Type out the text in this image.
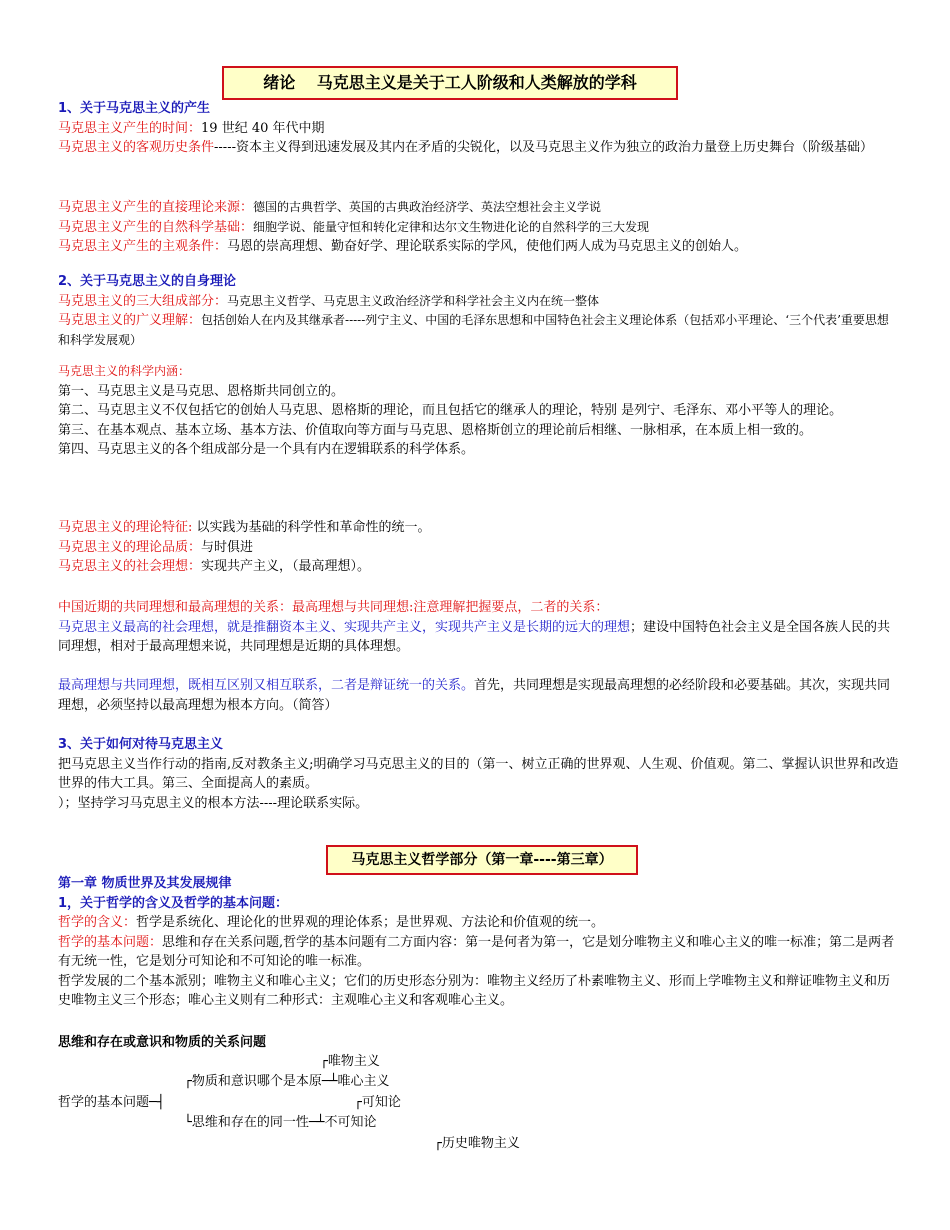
绪论　 马克思主义是关于工人阶级和人类解放的学科
1、关于马克思主义的产生
马克思主义产生的时间：19 世纪 40 年代中期
马克思主义的客观历史条件-----资本主义得到迅速发展及其内在矛盾的尖锐化，以及马克思主义作为独立的政治力量登上历史舞台（阶级基础）
马克思主义产生的直接理论来源：德国的古典哲学、英国的古典政治经济学、英法空想社会主义学说
马克思主义产生的自然科学基础：细胞学说、能量守恒和转化定律和达尔文生物进化论的自然科学的三大发现
马克思主义产生的主观条件：马恩的崇高理想、勤奋好学、理论联系实际的学风，使他们两人成为马克思主义的创始人。
2、关于马克思主义的自身理论
马克思主义的三大组成部分：马克思主义哲学、马克思主义政治经济学和科学社会主义内在统一整体
马克思主义的广义理解：包括创始人在内及其继承者-----列宁主义、中国的毛泽东思想和中国特色社会主义理论体系（包括邓小平理论、‘三个代表’重要思想和科学发展观）
马克思主义的科学内涵：
第一、马克思主义是马克思、恩格斯共同创立的。
第二、马克思主义不仅包括它的创始人马克思、恩格斯的理论，而且包括它的继承人的理论，特别 是列宁、毛泽东、邓小平等人的理论。
第三、在基本观点、基本立场、基本方法、价值取向等方面与马克思、恩格斯创立的理论前后相继、一脉相承，在本质上相一致的。
第四、马克思主义的各个组成部分是一个具有内在逻辑联系的科学体系。
马克思主义的理论特征: 以实践为基础的科学性和革命性的统一。
马克思主义的理论品质：与时俱进
马克思主义的社会理想：实现共产主义，（最高理想）。
中国近期的共同理想和最高理想的关系：最高理想与共同理想:注意理解把握要点，二者的关系：
马克思主义最高的社会理想，就是推翻资本主义、实现共产主义，实现共产主义是长期的远大的理想；建设中国特色社会主义是全国各族人民的共同理想，相对于最高理想来说，共同理想是近期的具体理想。
最高理想与共同理想，既相互区别又相互联系，二者是辩证统一的关系。首先，共同理想是实现最高理想的必经阶段和必要基础。其次，实现共同理想，必须坚持以最高理想为根本方向。（简答）
3、关于如何对待马克思主义
把马克思主义当作行动的指南,反对教条主义;明确学习马克思主义的目的（第一、树立正确的世界观、人生观、价值观。第二、掌握认识世界和改造世界的伟大工具。第三、全面提高人的素质。
）；坚持学习马克思主义的根本方法----理论联系实际。
马克思主义哲学部分（第一章----第三章）
第一章 物质世界及其发展规律
1，关于哲学的含义及哲学的基本问题：
哲学的含义：哲学是系统化、理论化的世界观的理论体系；是世界观、方法论和价值观的统一。
哲学的基本问题：思维和存在关系问题,哲学的基本问题有二方面内容：第一是何者为第一，它是划分唯物主义和唯心主义的唯一标准；第二是两者有无统一性，它是划分可知论和不可知论的唯一标准。
哲学发展的二个基本派别；唯物主义和唯心主义；它们的历史形态分别为：唯物主义经历了朴素唯物主义、形而上学唯物主义和辩证唯物主义和历史唯物主义三个形态；唯心主义则有二种形式：主观唯心主义和客观唯心主义。
思维和存在或意识和物质的关系问题
┌唯物主义
┌物质和意识哪个是本原─┴唯心主义
哲学的基本问题─┤	┌可知论
└思维和存在的同一性─┴不可知论
┌历史唯物主义
